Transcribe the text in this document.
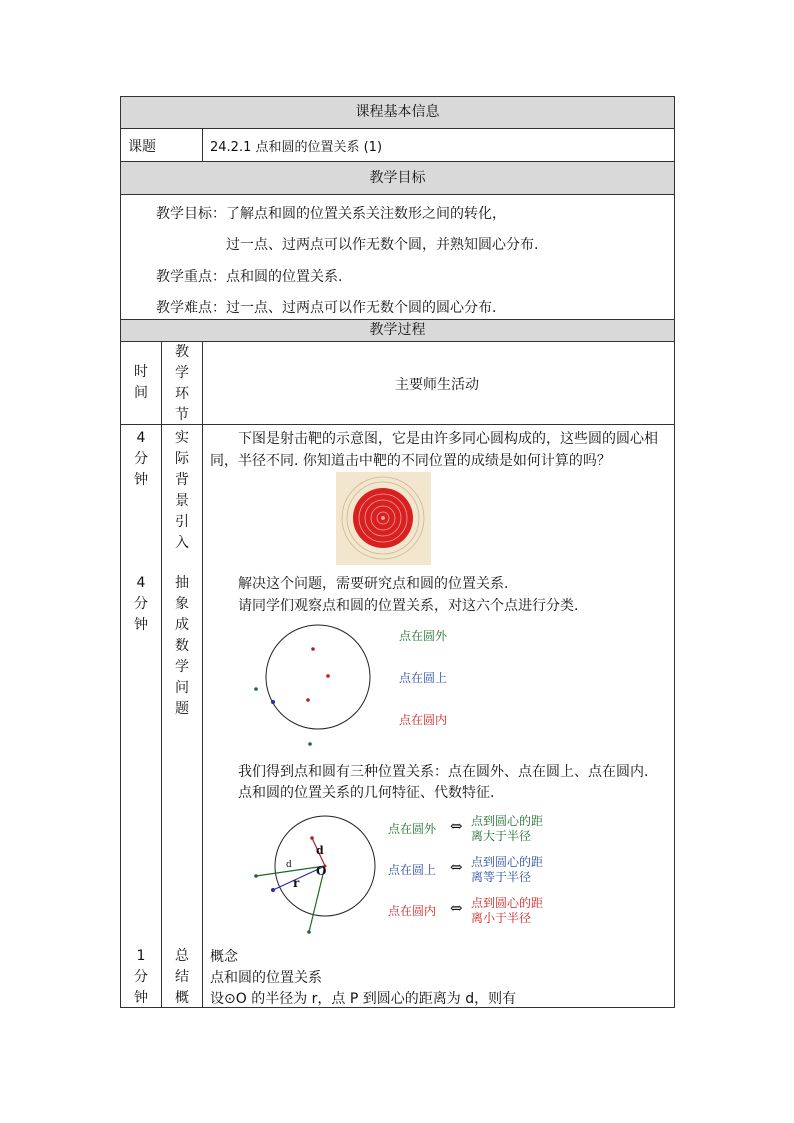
课程基本信息
教学目标
教学过程
课题	24.2.1 点和圆的位置关系 (1)
教学目标：了解点和圆的位置关系关注数形之间的转化，
过一点、过两点可以作无数个圆，并熟知圆心分布.
教学重点：点和圆的位置关系.
教学难点：过一点、过两点可以作无数个圆的圆心分布.
时
间
教
学
环
节
主要师生活动
4
分
钟
实
际
背
景
引
入
下图是射击靶的示意图，它是由许多同心圆构成的，这些圆的圆心相
同，半径不同. 你知道击中靶的不同位置的成绩是如何计算的吗？
4
分
钟
抽
象
成
数
学
问
题
解决这个问题，需要研究点和圆的位置关系.
请同学们观察点和圆的位置关系，对这六个点进行分类.
点在圆外
点在圆上
点在圆内
我们得到点和圆有三种位置关系：点在圆外、点在圆上、点在圆内.
点和圆的位置关系的几何特征、代数特征.
d
d
r
O
点在圆外 ⇔ 点到圆心的距
离大于半径
点在圆上 ⇔ 点到圆心的距
离等于半径
点在圆内 ⇔ 点到圆心的距
离小于半径
1
分
钟
总
结
概
概念
点和圆的位置关系
设⊙O 的半径为 r，点 P 到圆心的距离为 d，则有
